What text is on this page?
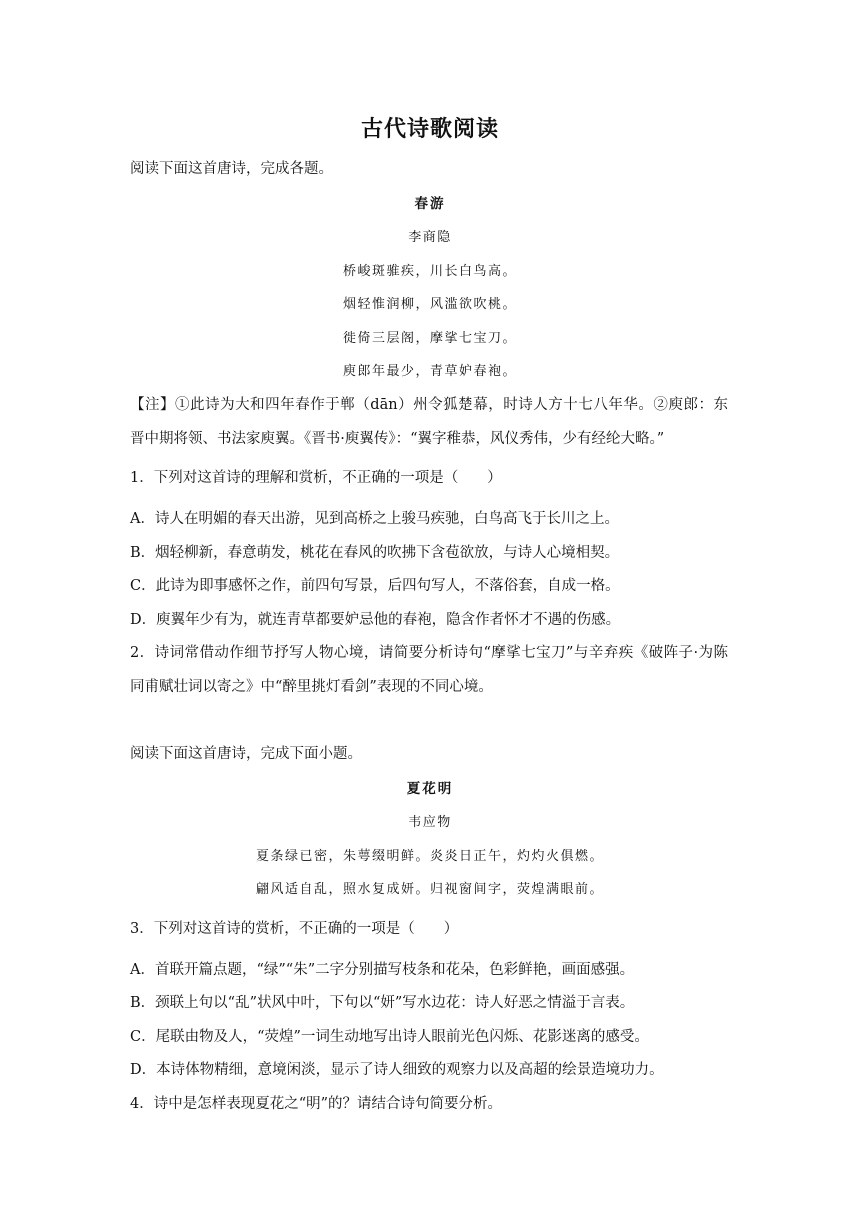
古代诗歌阅读
阅读下面这首唐诗，完成各题。
春游
李商隐
桥峻斑骓疾，川长白鸟高。
烟轻惟润柳，风滥欲吹桃。
徙倚三层阁，摩挲七宝刀。
庾郎年最少，青草妒春袍。
【注】①此诗为大和四年春作于郸（dān）州令狐楚幕，时诗人方十七八年华。②庾郎：东
晋中期将领、书法家庾翼。《晋书·庾翼传》：“翼字稚恭，风仪秀伟，少有经纶大略。”
1．下列对这首诗的理解和赏析，不正确的一项是（　　）
A．诗人在明媚的春天出游，见到高桥之上骏马疾驰，白鸟高飞于长川之上。
B．烟轻柳新，春意萌发，桃花在春风的吹拂下含苞欲放，与诗人心境相契。
C．此诗为即事感怀之作，前四句写景，后四句写人，不落俗套，自成一格。
D．庾翼年少有为，就连青草都要妒忌他的春袍，隐含作者怀才不遇的伤感。
2．诗词常借动作细节抒写人物心境，请简要分析诗句“摩挲七宝刀”与辛弃疾《破阵子·为陈
同甫赋壮词以寄之》中“醉里挑灯看剑”表现的不同心境。
阅读下面这首唐诗，完成下面小题。
夏花明
韦应物
夏条绿已密，朱萼缀明鲜。炎炎日正午，灼灼火俱燃。
翩风适自乱，照水复成妍。归视窗间字，荧煌满眼前。
3．下列对这首诗的赏析，不正确的一项是（　　）
A．首联开篇点题，“绿”“朱”二字分别描写枝条和花朵，色彩鲜艳，画面感强。
B．颈联上句以“乱”状风中叶，下句以“妍”写水边花：诗人好恶之情溢于言表。
C．尾联由物及人，“荧煌”一词生动地写出诗人眼前光色闪烁、花影迷离的感受。
D．本诗体物精细，意境闲淡，显示了诗人细致的观察力以及高超的绘景造境功力。
4．诗中是怎样表现夏花之“明”的？请结合诗句简要分析。
